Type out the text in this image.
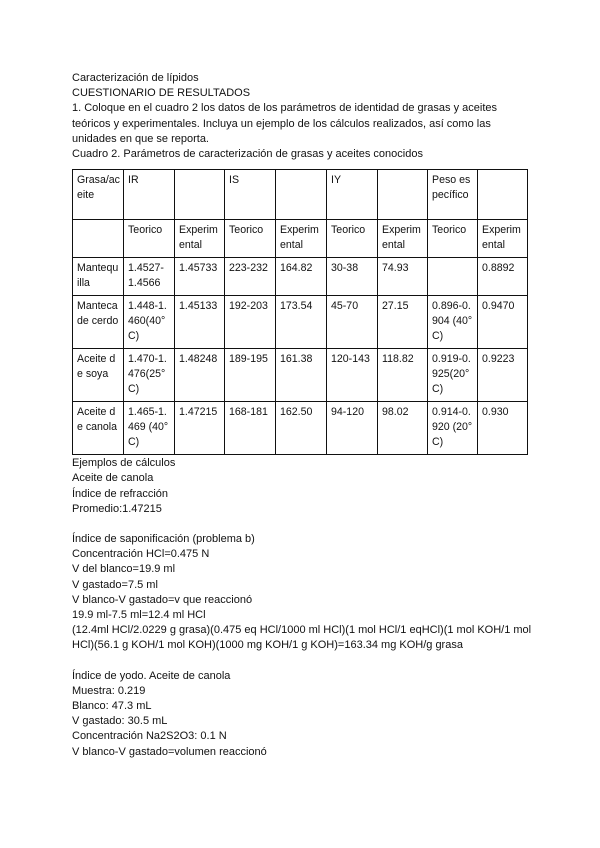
Caracterización de lípidos
CUESTIONARIO DE RESULTADOS
1. Coloque en el cuadro 2 los datos de los parámetros de identidad de grasas y aceites teóricos y experimentales. Incluya un ejemplo de los cálculos realizados, así como las unidades en que se reporta.
Cuadro 2. Parámetros de caracterización de grasas y aceites conocidos
Grasa/aceite	IR		IS		IY		Peso específico	
	Teorico	Experimental	Teorico	Experimental	Teorico	Experimental	Teorico	Experimental
Mantequilla	1.4527-1.4566	1.45733	223-232	164.82	30-38	74.93		0.8892
Manteca de cerdo	1.448-1.460(40°C)	1.45133	192-203	173.54	45-70	27.15	0.896-0.904 (40°C)	0.9470
Aceite de soya	1.470-1.476(25°C)	1.48248	189-195	161.38	120-143	118.82	0.919-0.925(20°C)	0.9223
Aceite de canola	1.465-1.469 (40°C)	1.47215	168-181	162.50	94-120	98.02	0.914-0.920 (20°C)	0.930
Ejemplos de cálculos
Aceite de canola
Índice de refracción
Promedio:1.47215
Índice de saponificación (problema b)
Concentración HCl=0.475 N
V del blanco=19.9 ml
V gastado=7.5 ml
V blanco-V gastado=v que reaccionó
19.9 ml-7.5 ml=12.4 ml HCl
(12.4ml HCl/2.0229 g grasa)(0.475 eq HCl/1000 ml HCl)(1 mol HCl/1 eqHCl)(1 mol KOH/1 mol HCl)(56.1 g KOH/1 mol KOH)(1000 mg KOH/1 g KOH)=163.34 mg KOH/g grasa
Índice de yodo. Aceite de canola
Muestra: 0.219
Blanco: 47.3 mL
V gastado: 30.5 mL
Concentración Na2S2O3: 0.1 N
V blanco-V gastado=volumen reaccionó
